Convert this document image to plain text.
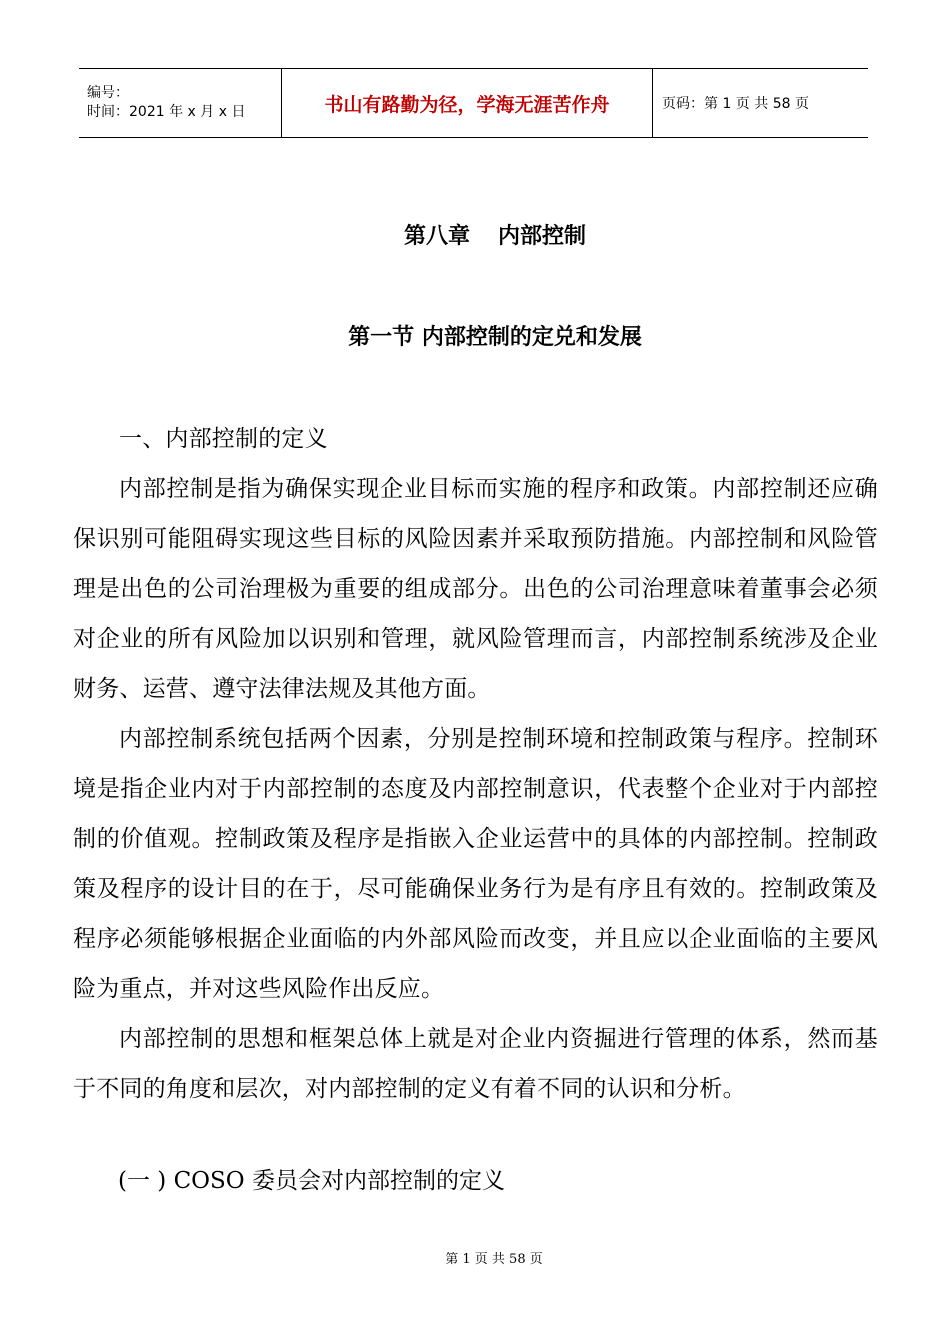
编号：
时间：2021 年 x 月 x 日	书山有路勤为径，学海无涯苦作舟	页码：第 1 页 共 58 页
第八章 内部控制
第一节 内部控制的定兑和发展

一、内部控制的定义

内部控制是指为确保实现企业目标而实施的程序和政策。内部控制还应确保识别可能阻碍实现这些目标的风险因素并采取预防措施。内部控制和风险管理是出色的公司治理极为重要的组成部分。出色的公司治理意味着董事会必须对企业的所有风险加以识别和管理，就风险管理而言，内部控制系统涉及企业财务、运营、遵守法律法规及其他方面。

内部控制系统包括两个因素，分别是控制环境和控制政策与程序。控制环境是指企业内对于内部控制的态度及内部控制意识，代表整个企业对于内部控制的价值观。控制政策及程序是指嵌入企业运营中的具体的内部控制。控制政策及程序的设计目的在于，尽可能确保业务行为是有序且有效的。控制政策及程序必须能够根据企业面临的内外部风险而改变，并且应以企业面临的主要风险为重点，并对这些风险作出反应。

内部控制的思想和框架总体上就是对企业内资掘进行管理的体系，然而基于不同的角度和层次，对内部控制的定义有着不同的认识和分析。

(一 ) COSO 委员会对内部控制的定义
第 1 页 共 58 页
